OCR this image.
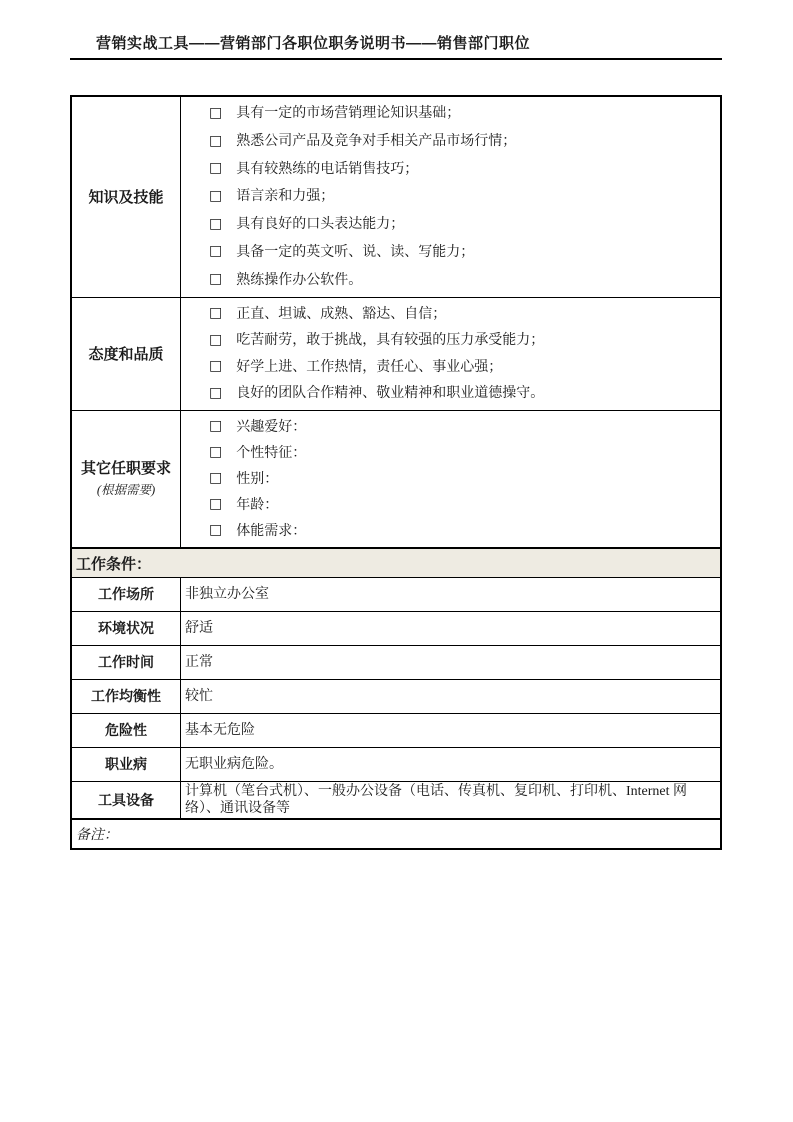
营销实战工具——营销部门各职位职务说明书——销售部门职位
知识及技能
□ 具有一定的市场营销理论知识基础；
□ 熟悉公司产品及竞争对手相关产品市场行情；
□ 具有较熟练的电话销售技巧；
□ 语言亲和力强；
□ 具有良好的口头表达能力；
□ 具备一定的英文听、说、读、写能力；
□ 熟练操作办公软件。
态度和品质
□ 正直、坦诚、成熟、豁达、自信；
□ 吃苦耐劳，敢于挑战，具有较强的压力承受能力；
□ 好学上进、工作热情，责任心、事业心强；
□ 良好的团队合作精神、敬业精神和职业道德操守。
其它任职要求(根据需要)
□ 兴趣爱好：
□ 个性特征：
□ 性别：
□ 年龄：
□ 体能需求：
工作条件：
工作场所	非独立办公室
环境状况	舒适
工作时间	正常
工作均衡性	较忙
危险性	基本无危险
职业病	无职业病危险。
工具设备	计算机（笔台式机）、一般办公设备（电话、传真机、复印机、打印机、Internet 网络）、通讯设备等
备注：
